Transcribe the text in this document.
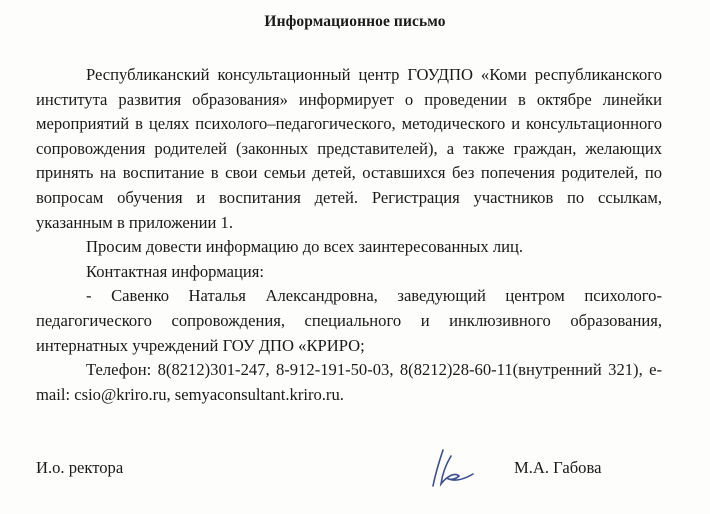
Информационное письмо

Республиканский консультационный центр ГОУДПО «Коми республиканского института развития образования» информирует о проведении в октябре линейки мероприятий в целях психолого–педагогического, методического и консультационного сопровождения родителей (законных представителей), а также граждан, желающих принять на воспитание в свои семьи детей, оставшихся без попечения родителей, по вопросам обучения и воспитания детей. Регистрация участников по ссылкам, указанным в приложении 1.

Просим довести информацию до всех заинтересованных лиц.

Контактная информация:

- Савенко Наталья Александровна, заведующий центром психолого-педагогического сопровождения, специального и инклюзивного образования, интернатных учреждений ГОУ ДПО «КРИРО;

Телефон: 8(8212)301-247, 8-912-191-50-03, 8(8212)28-60-11(внутренний 321), e-mail: csio@kriro.ru, semyaconsultant.kriro.ru.

И.о. ректора	М.А. Габова
